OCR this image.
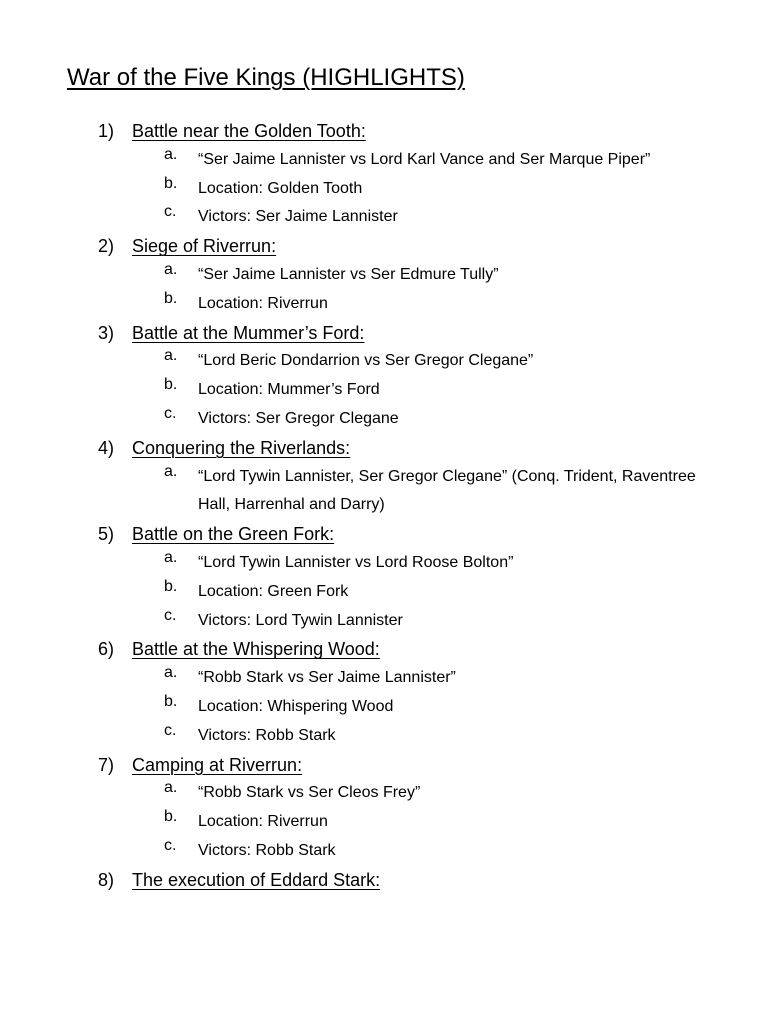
War of the Five Kings (HIGHLIGHTS)
1) Battle near the Golden Tooth:
a. “Ser Jaime Lannister vs Lord Karl Vance and Ser Marque Piper”
b. Location: Golden Tooth
c. Victors: Ser Jaime Lannister
2) Siege of Riverrun:
a. “Ser Jaime Lannister vs Ser Edmure Tully”
b. Location: Riverrun
3) Battle at the Mummer’s Ford:
a. “Lord Beric Dondarrion vs Ser Gregor Clegane”
b. Location: Mummer’s Ford
c. Victors: Ser Gregor Clegane
4) Conquering the Riverlands:
a. “Lord Tywin Lannister, Ser Gregor Clegane” (Conq. Trident, Raventree Hall, Harrenhal and Darry)
5) Battle on the Green Fork:
a. “Lord Tywin Lannister vs Lord Roose Bolton”
b. Location: Green Fork
c. Victors: Lord Tywin Lannister
6) Battle at the Whispering Wood:
a. “Robb Stark vs Ser Jaime Lannister”
b. Location: Whispering Wood
c. Victors: Robb Stark
7) Camping at Riverrun:
a. “Robb Stark vs Ser Cleos Frey”
b. Location: Riverrun
c. Victors: Robb Stark
8) The execution of Eddard Stark:
